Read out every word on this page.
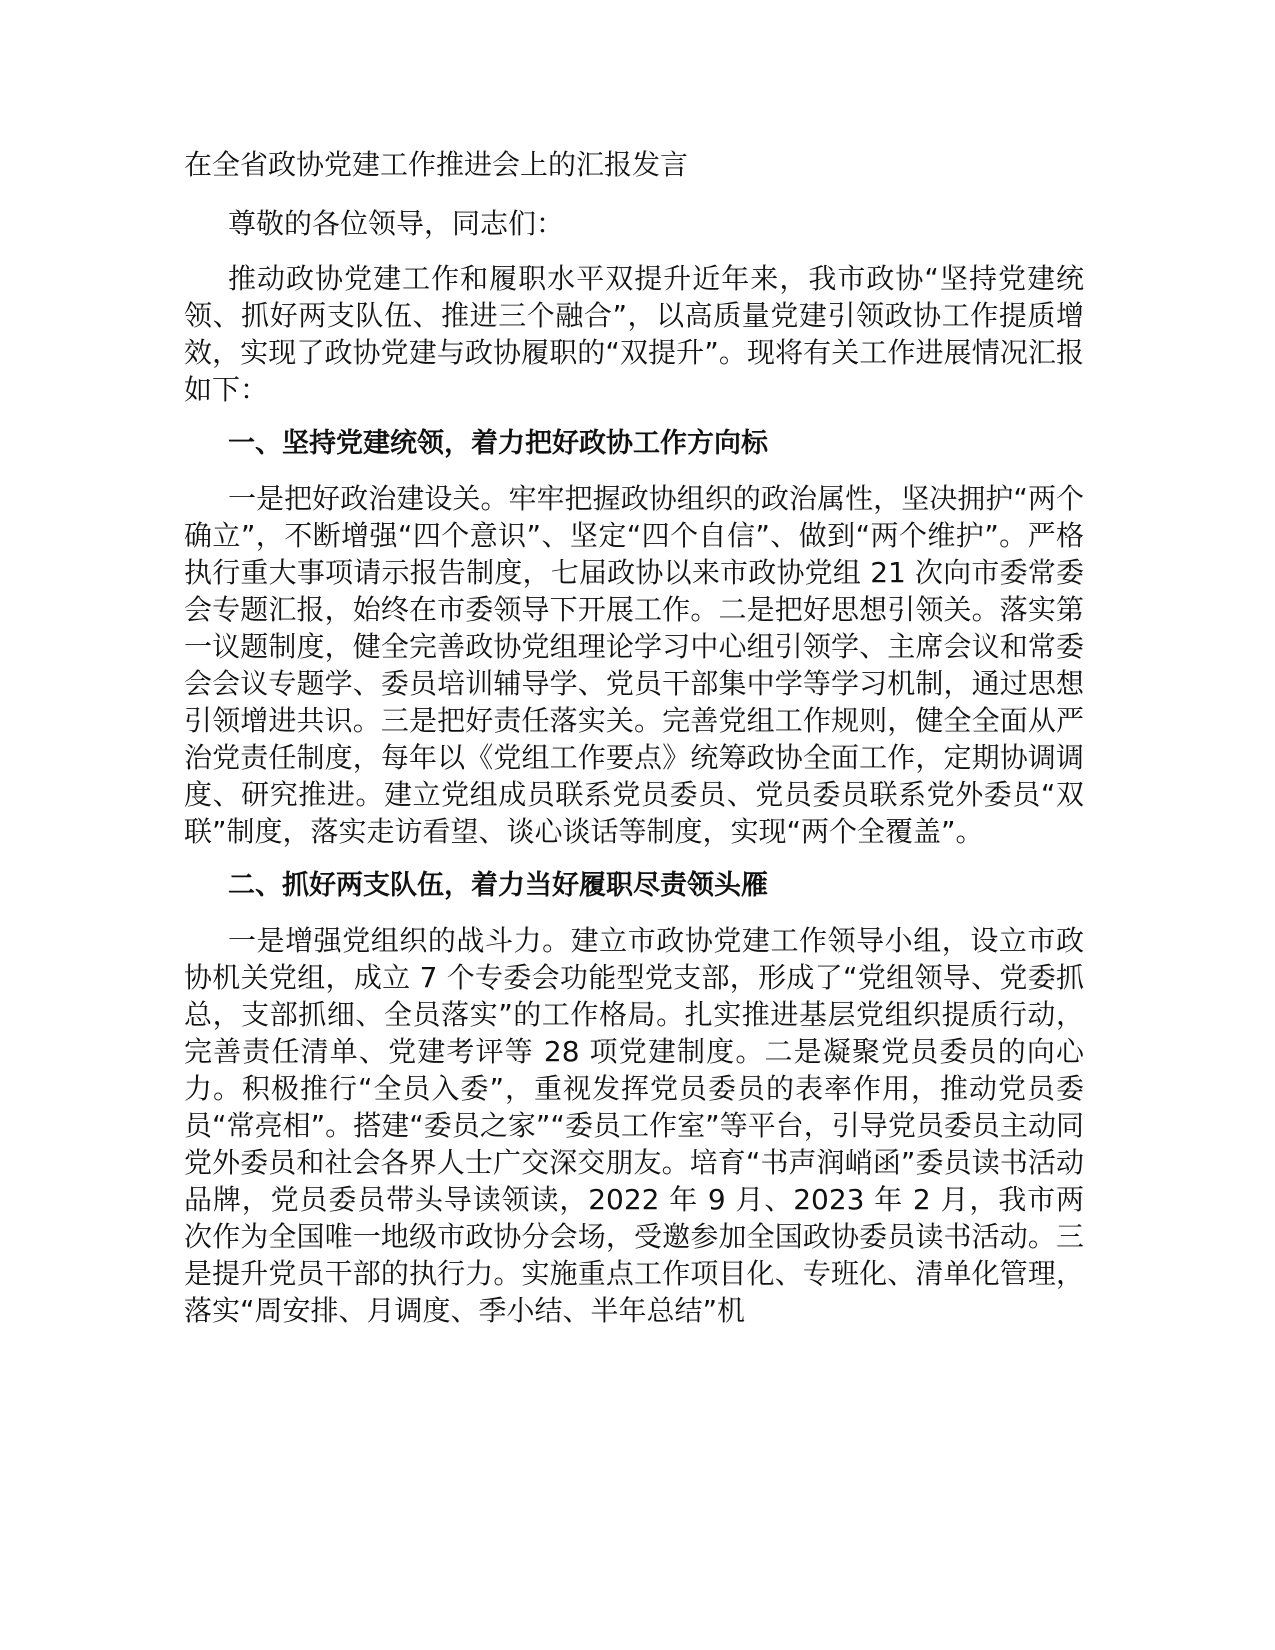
在全省政协党建工作推进会上的汇报发言

尊敬的各位领导，同志们：

推动政协党建工作和履职水平双提升近年来，我市政协“坚持党建统领、抓好两支队伍、推进三个融合”，以高质量党建引领政协工作提质增效，实现了政协党建与政协履职的“双提升”。现将有关工作进展情况汇报如下：

一、坚持党建统领，着力把好政协工作方向标

一是把好政治建设关。牢牢把握政协组织的政治属性，坚决拥护“两个确立”，不断增强“四个意识”、坚定“四个自信”、做到“两个维护”。严格执行重大事项请示报告制度，七届政协以来市政协党组 21 次向市委常委会专题汇报，始终在市委领导下开展工作。二是把好思想引领关。落实第一议题制度，健全完善政协党组理论学习中心组引领学、主席会议和常委会会议专题学、委员培训辅导学、党员干部集中学等学习机制，通过思想引领增进共识。三是把好责任落实关。完善党组工作规则，健全全面从严治党责任制度，每年以《党组工作要点》统筹政协全面工作，定期协调调度、研究推进。建立党组成员联系党员委员、党员委员联系党外委员“双联”制度，落实走访看望、谈心谈话等制度，实现“两个全覆盖”。

二、抓好两支队伍，着力当好履职尽责领头雁

一是增强党组织的战斗力。建立市政协党建工作领导小组，设立市政协机关党组，成立 7 个专委会功能型党支部，形成了“党组领导、党委抓总，支部抓细、全员落实”的工作格局。扎实推进基层党组织提质行动，完善责任清单、党建考评等 28 项党建制度。二是凝聚党员委员的向心力。积极推行“全员入委”，重视发挥党员委员的表率作用，推动党员委员“常亮相”。搭建“委员之家”“委员工作室”等平台，引导党员委员主动同党外委员和社会各界人士广交深交朋友。培育“书声润峭函”委员读书活动品牌，党员委员带头导读领读，2022 年 9 月、2023 年 2 月，我市两次作为全国唯一地级市政协分会场，受邀参加全国政协委员读书活动。三是提升党员干部的执行力。实施重点工作项目化、专班化、清单化管理，落实“周安排、月调度、季小结、半年总结”机
